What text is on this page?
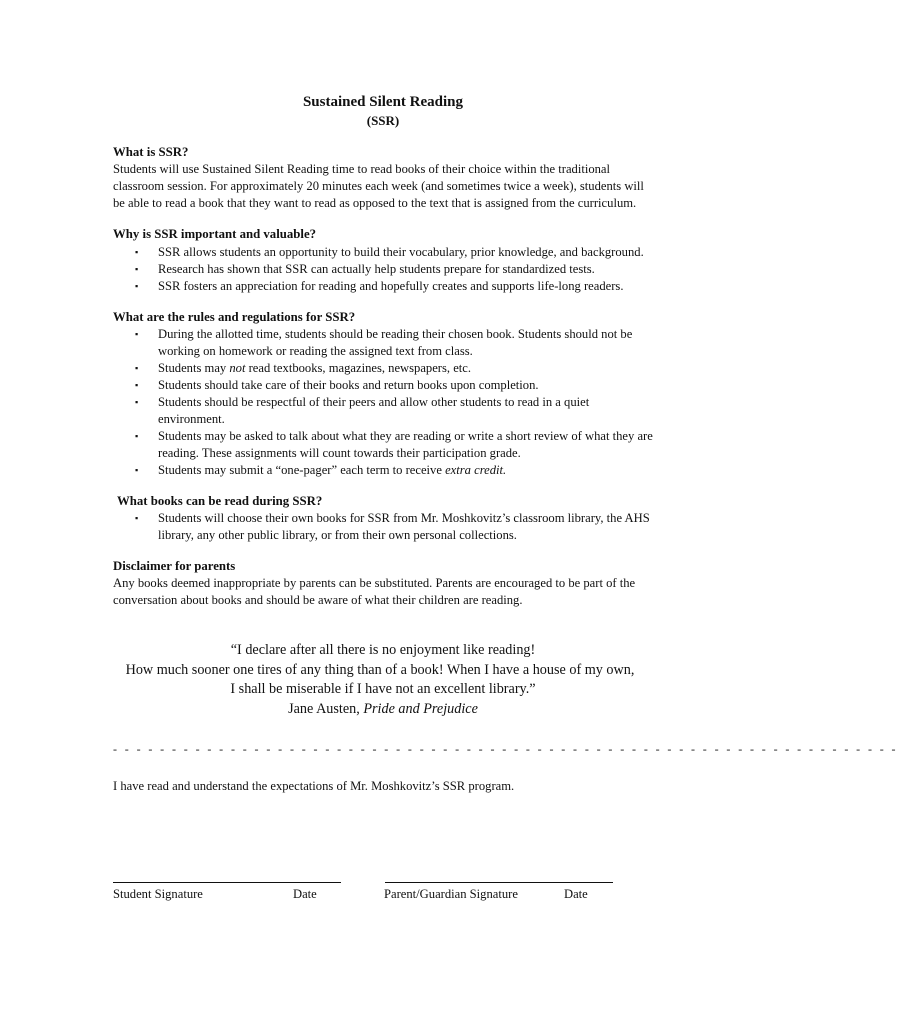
Sustained Silent Reading
(SSR)
What is SSR?

Students will use Sustained Silent Reading time to read books of their choice within the traditional classroom session. For approximately 20 minutes each week (and sometimes twice a week), students will be able to read a book that they want to read as opposed to the text that is assigned from the curriculum.

Why is SSR important and valuable?
▪ SSR allows students an opportunity to build their vocabulary, prior knowledge, and background.
▪ Research has shown that SSR can actually help students prepare for standardized tests.
▪ SSR fosters an appreciation for reading and hopefully creates and supports life-long readers.
What are the rules and regulations for SSR?
▪ During the allotted time, students should be reading their chosen book. Students should not be working on homework or reading the assigned text from class.
▪ Students may not read textbooks, magazines, newspapers, etc.
▪ Students should take care of their books and return books upon completion.
▪ Students should be respectful of their peers and allow other students to read in a quiet environment.
▪ Students may be asked to talk about what they are reading or write a short review of what they are reading. These assignments will count towards their participation grade.
▪ Students may submit a “one-pager” each term to receive extra credit.
What books can be read during SSR?
▪ Students will choose their own books for SSR from Mr. Moshkovitz’s classroom library, the AHS library, any other public library, or from their own personal collections.
Disclaimer for parents

Any books deemed inappropriate by parents can be substituted. Parents are encouraged to be part of the conversation about books and should be aware of what their children are reading.

“I declare after all there is no enjoyment like reading!
How much sooner one tires of any thing than of a book! When I have a house of my own,
I shall be miserable if I have not an excellent library.”
Jane Austen, Pride and Prejudice
- - - - - - - - - - - - - - - - - - - - - - - - - - - - - - - - - - - - - - - - - - - - - - - - - - - - - - - - - - - - - - - - - - -
I have read and understand the expectations of Mr. Moshkovitz’s SSR program.
Student Signature	Date	Parent/Guardian Signature	Date
